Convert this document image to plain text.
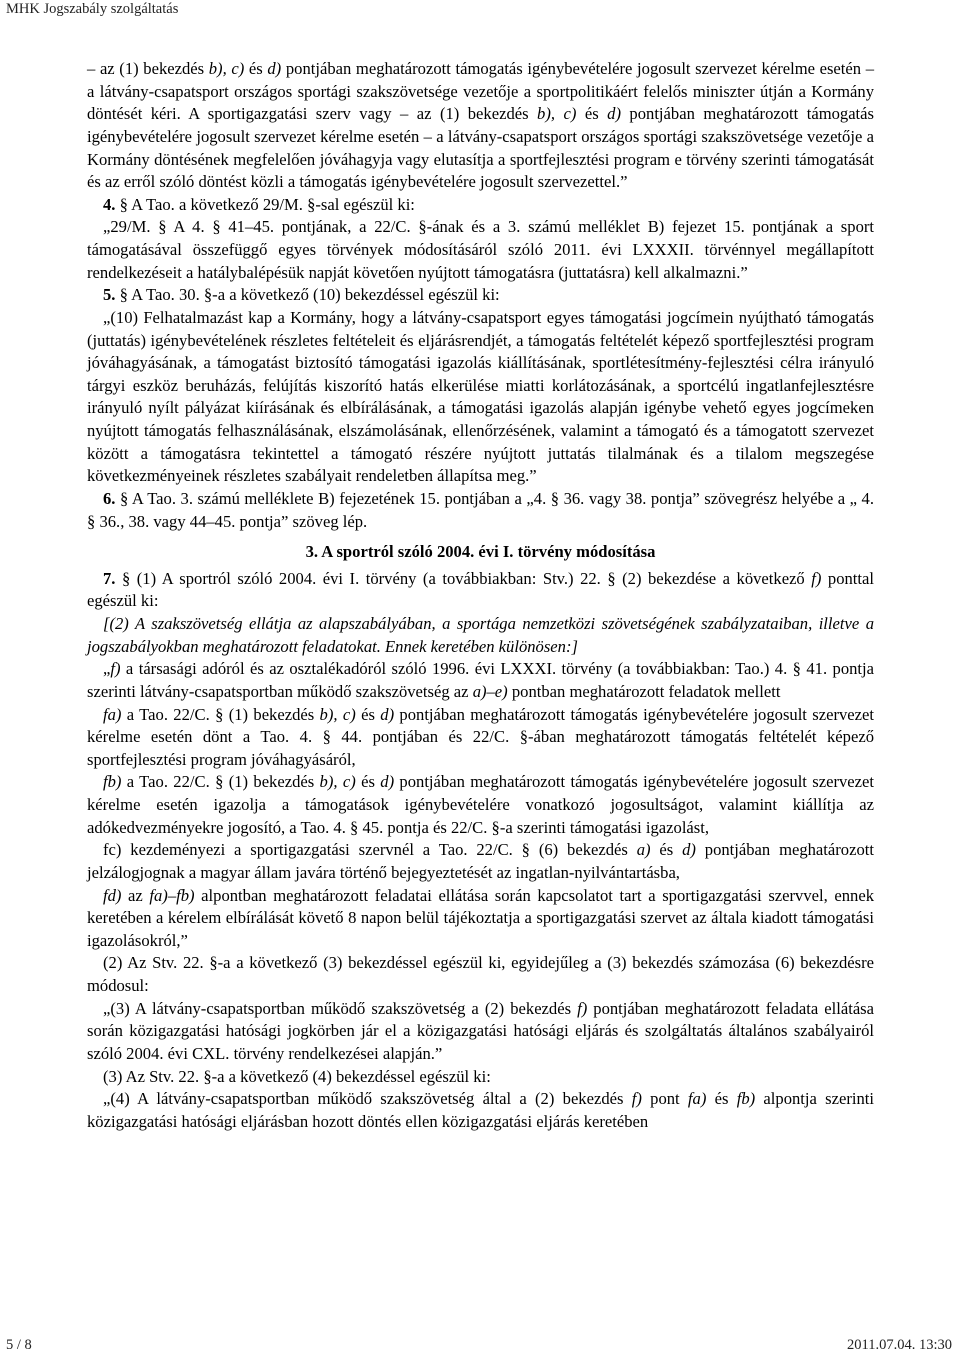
MHK Jogszabály szolgáltatás

– az (1) bekezdés b), c) és d) pontjában meghatározott támogatás igénybevételére jogosult szervezet kérelme esetén – a látvány-csapatsport országos sportági szakszövetsége vezetője a sportpolitikáért felelős miniszter útján a Kormány döntését kéri. A sportigazgatási szerv vagy – az (1) bekezdés b), c) és d) pontjában meghatározott támogatás igénybevételére jogosult szervezet kérelme esetén – a látvány-csapatsport országos sportági szakszövetsége vezetője a Kormány döntésének megfelelően jóváhagyja vagy elutasítja a sportfejlesztési program e törvény szerinti támogatását és az erről szóló döntést közli a támogatás igénybevételére jogosult szervezettel.”

4. § A Tao. a következő 29/M. §-sal egészül ki:

„29/M. § A 4. § 41–45. pontjának, a 22/C. §-ának és a 3. számú melléklet B) fejezet 15. pontjának a sport támogatásával összefüggő egyes törvények módosításáról szóló 2011. évi LXXXII. törvénnyel megállapított rendelkezéseit a hatálybalépésük napját követően nyújtott támogatásra (juttatásra) kell alkalmazni.”

5. § A Tao. 30. §-a a következő (10) bekezdéssel egészül ki:

„(10) Felhatalmazást kap a Kormány, hogy a látvány-csapatsport egyes támogatási jogcímein nyújtható támogatás (juttatás) igénybevételének részletes feltételeit és eljárásrendjét, a támogatás feltételét képező sportfejlesztési program jóváhagyásának, a támogatást biztosító támogatási igazolás kiállításának, sportlétesítmény-fejlesztési célra irányuló tárgyi eszköz beruházás, felújítás kiszorító hatás elkerülése miatti korlátozásának, a sportcélú ingatlanfejlesztésre irányuló nyílt pályázat kiírásának és elbírálásának, a támogatási igazolás alapján igénybe vehető egyes jogcímeken nyújtott támogatás felhasználásának, elszámolásának, ellenőrzésének, valamint a támogató és a támogatott szervezet között a támogatásra tekintettel a támogató részére nyújtott juttatás tilalmának és a tilalom megszegése következményeinek részletes szabályait rendeletben állapítsa meg.”

6. § A Tao. 3. számú melléklete B) fejezetének 15. pontjában a „4. § 36. vagy 38. pontja” szövegrész helyébe a „ 4. § 36., 38. vagy 44–45. pontja” szöveg lép.

3. A sportról szóló 2004. évi I. törvény módosítása

7. § (1) A sportról szóló 2004. évi I. törvény (a továbbiakban: Stv.) 22. § (2) bekezdése a következő f) ponttal egészül ki:

[(2) A szakszövetség ellátja az alapszabályában, a sportága nemzetközi szövetségének szabályzataiban, illetve a jogszabályokban meghatározott feladatokat. Ennek keretében különösen:]

„f) a társasági adóról és az osztalékadóról szóló 1996. évi LXXXI. törvény (a továbbiakban: Tao.) 4. § 41. pontja szerinti látvány-csapatsportban működő szakszövetség az a)–e) pontban meghatározott feladatok mellett

fa) a Tao. 22/C. § (1) bekezdés b), c) és d) pontjában meghatározott támogatás igénybevételére jogosult szervezet kérelme esetén dönt a Tao. 4. § 44. pontjában és 22/C. §-ában meghatározott támogatás feltételét képező sportfejlesztési program jóváhagyásáról,

fb) a Tao. 22/C. § (1) bekezdés b), c) és d) pontjában meghatározott támogatás igénybevételére jogosult szervezet kérelme esetén igazolja a támogatások igénybevételére vonatkozó jogosultságot, valamint kiállítja az adókedvezményekre jogosító, a Tao. 4. § 45. pontja és 22/C. §-a szerinti támogatási igazolást,

fc) kezdeményezi a sportigazgatási szervnél a Tao. 22/C. § (6) bekezdés a) és d) pontjában meghatározott jelzálogjognak a magyar állam javára történő bejegyeztetését az ingatlan-nyilvántartásba,

fd) az fa)–fb) alpontban meghatározott feladatai ellátása során kapcsolatot tart a sportigazgatási szervvel, ennek keretében a kérelem elbírálását követő 8 napon belül tájékoztatja a sportigazgatási szervet az általa kiadott támogatási igazolásokról,”

(2) Az Stv. 22. §-a a következő (3) bekezdéssel egészül ki, egyidejűleg a (3) bekezdés számozása (6) bekezdésre módosul:

„(3) A látvány-csapatsportban működő szakszövetség a (2) bekezdés f) pontjában meghatározott feladata ellátása során közigazgatási hatósági jogkörben jár el a közigazgatási hatósági eljárás és szolgáltatás általános szabályairól szóló 2004. évi CXL. törvény rendelkezései alapján.”

(3) Az Stv. 22. §-a a következő (4) bekezdéssel egészül ki:

„(4) A látvány-csapatsportban működő szakszövetség által a (2) bekezdés f) pont fa) és fb) alpontja szerinti közigazgatási hatósági eljárásban hozott döntés ellen közigazgatási eljárás keretében

5 / 8	2011.07.04. 13:30
